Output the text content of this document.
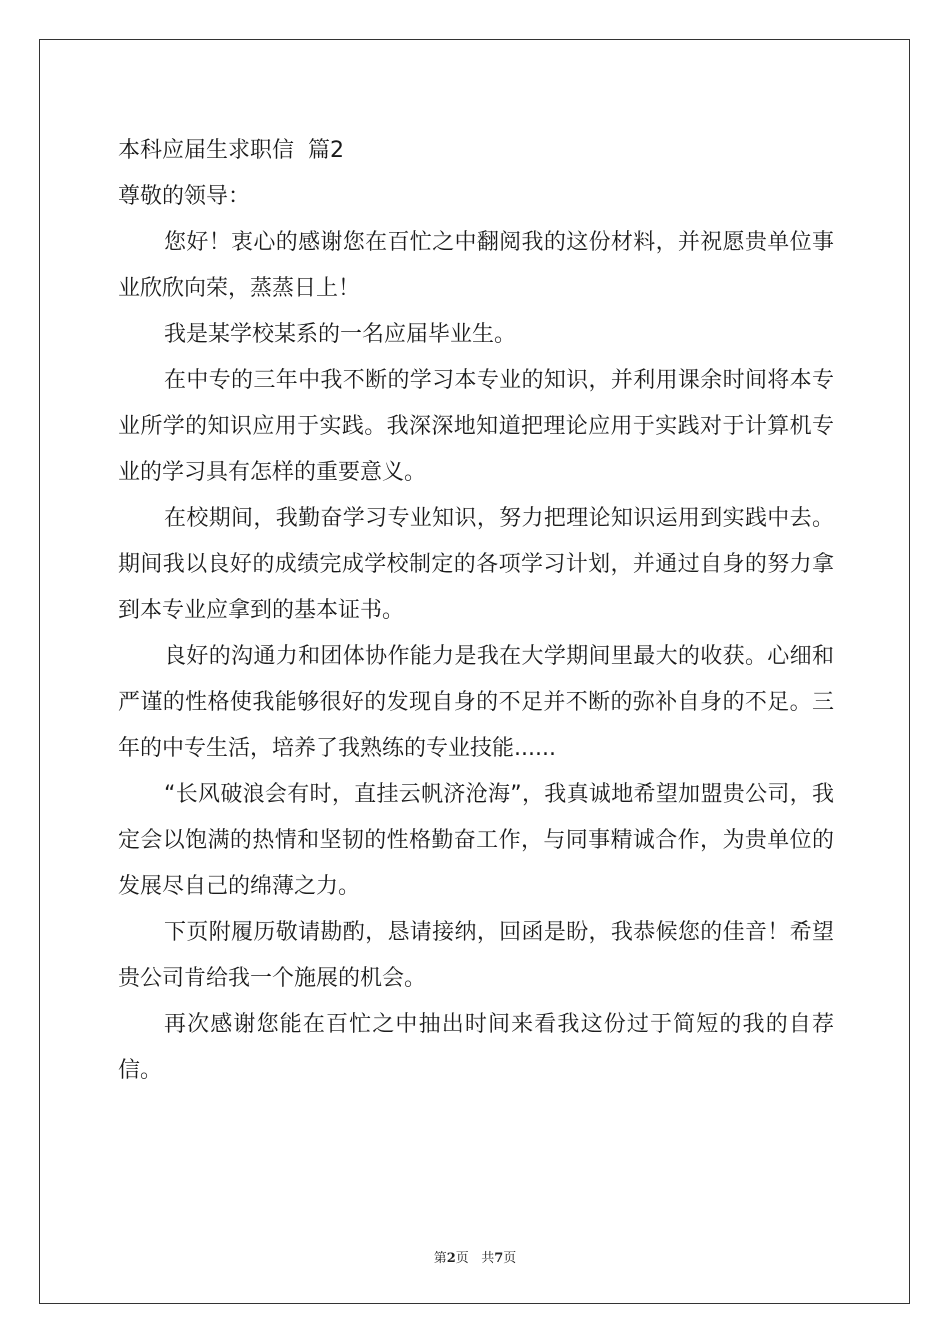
本科应届生求职信  篇2

尊敬的领导：

您好！衷心的感谢您在百忙之中翻阅我的这份材料，并祝愿贵单位事业欣欣向荣，蒸蒸日上！

我是某学校某系的一名应届毕业生。

在中专的三年中我不断的学习本专业的知识，并利用课余时间将本专业所学的知识应用于实践。我深深地知道把理论应用于实践对于计算机专业的学习具有怎样的重要意义。

在校期间，我勤奋学习专业知识，努力把理论知识运用到实践中去。期间我以良好的成绩完成学校制定的各项学习计划，并通过自身的努力拿到本专业应拿到的基本证书。

良好的沟通力和团体协作能力是我在大学期间里最大的收获。心细和严谨的性格使我能够很好的发现自身的不足并不断的弥补自身的不足。三年的中专生活，培养了我熟练的专业技能......

“长风破浪会有时，直挂云帆济沧海”，我真诚地希望加盟贵公司，我定会以饱满的热情和坚韧的性格勤奋工作，与同事精诚合作，为贵单位的发展尽自己的绵薄之力。

下页附履历敬请勘酌，恳请接纳，回函是盼，我恭候您的佳音！希望贵公司肯给我一个施展的机会。

再次感谢您能在百忙之中抽出时间来看我这份过于简短的我的自荐信。

第2页   共7页
